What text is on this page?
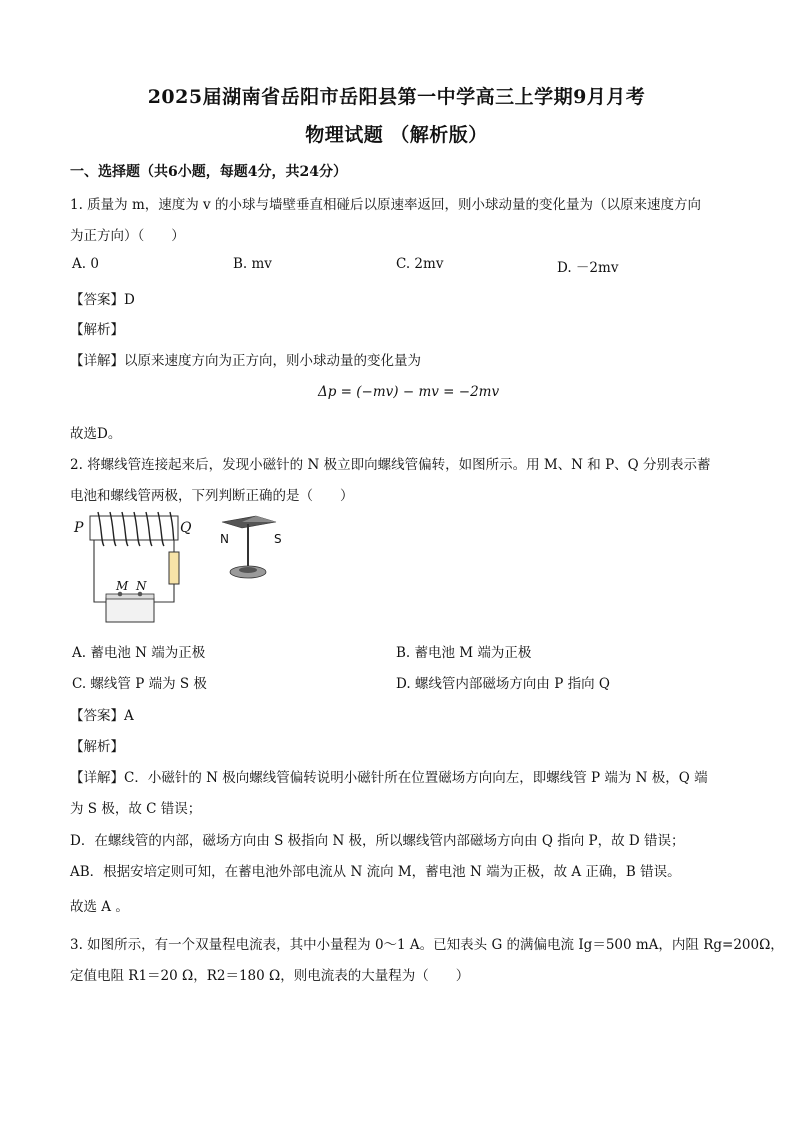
2025届湖南省岳阳市岳阳县第一中学高三上学期9月月考
物理试题 （解析版）
一、选择题（共6小题，每题4分，共24分）
1. 质量为 m，速度为 v 的小球与墙壁垂直相碰后以原速率返回，则小球动量的变化量为（以原来速度方向
为正方向）（　　）
A. 0	B. mv	C. 2mv	D. －2mv
【答案】D
【解析】
【详解】以原来速度方向为正方向，则小球动量的变化量为
Δp = (−mv) − mv = −2mv
故选D。
2. 将螺线管连接起来后，发现小磁针的 N 极立即向螺线管偏转，如图所示。用 M、N 和 P、Q 分别表示蓄
电池和螺线管两极，下列判断正确的是（　　）
P	Q
M N
N	S
A. 蓄电池 N 端为正极	B. 蓄电池 M 端为正极
C. 螺线管 P 端为 S 极	D. 螺线管内部磁场方向由 P 指向 Q
【答案】A
【解析】
【详解】C．小磁针的 N 极向螺线管偏转说明小磁针所在位置磁场方向向左，即螺线管 P 端为 N 极，Q 端
为 S 极，故 C 错误；
D．在螺线管的内部，磁场方向由 S 极指向 N 极，所以螺线管内部磁场方向由 Q 指向 P，故 D 错误；
AB．根据安培定则可知，在蓄电池外部电流从 N 流向 M，蓄电池 N 端为正极，故 A 正确，B 错误。
故选 A 。
3. 如图所示，有一个双量程电流表，其中小量程为 0～1 A。已知表头 G 的满偏电流 Ig＝500 mA，内阻 Rg=200Ω，
定值电阻 R1＝20 Ω，R2＝180 Ω，则电流表的大量程为（　　）
